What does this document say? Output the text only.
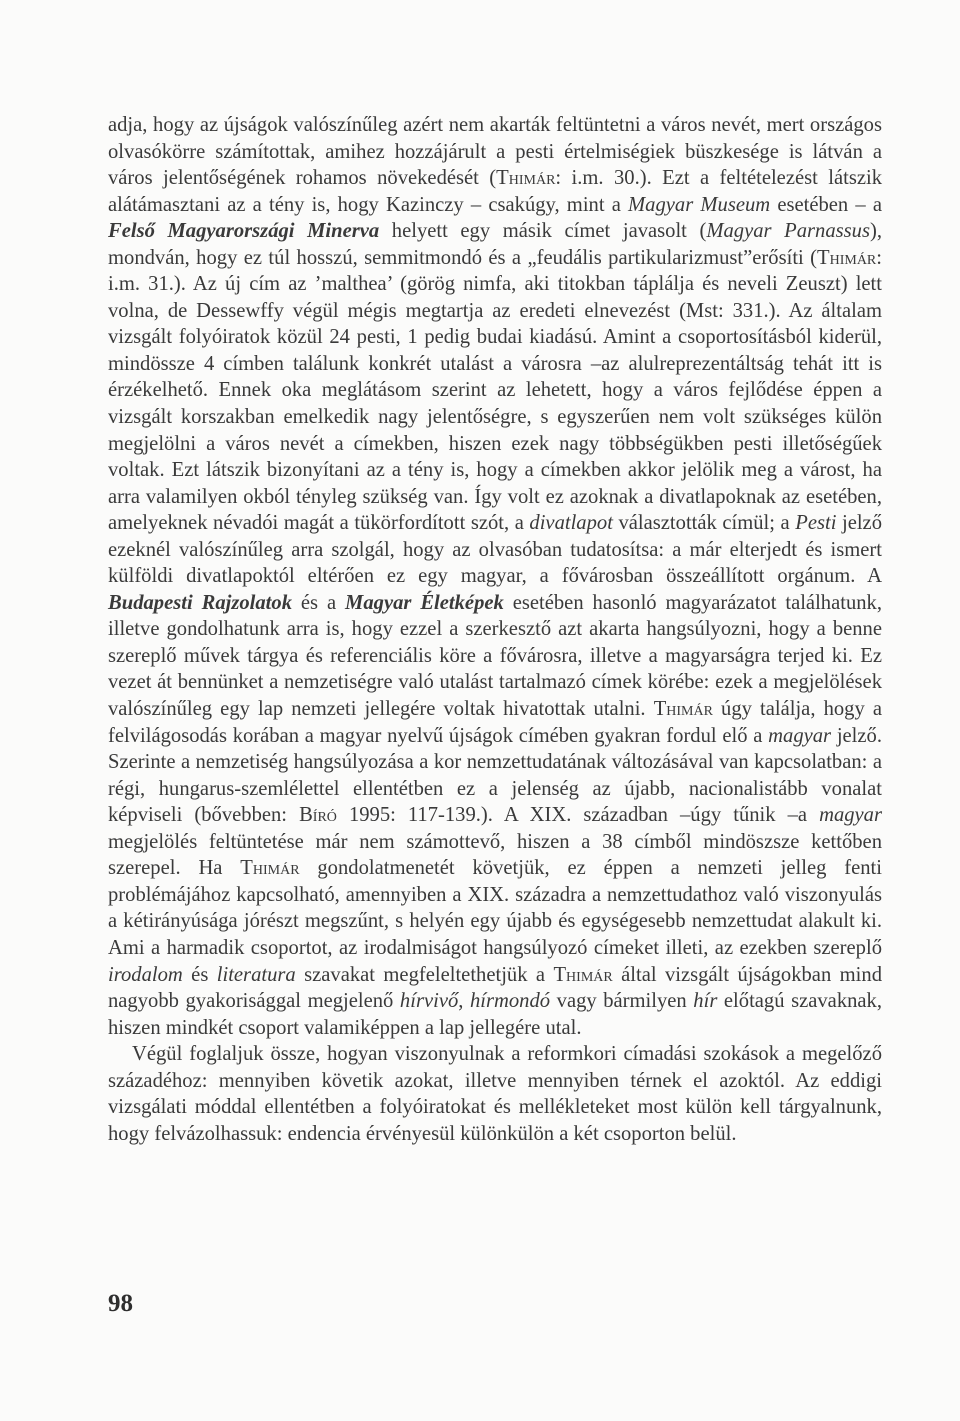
adja, hogy az újságok valószínűleg azért nem akarták feltüntetni a város nevét, mert országos olvasókörre számítottak, amihez hozzájárult a pesti értelmiségiek büszkesége is látván a város jelentőségének rohamos növekedését (Thimár: i.m. 30.). Ezt a feltételezést látszik alátámasztani az a tény is, hogy Kazinczy – csakúgy, mint a Magyar Museum esetében – a Felső Magyarországi Minerva helyett egy másik címet javasolt (Magyar Parnassus), mondván, hogy ez túl hosszú, semmitmondó és a „feudális partikularizmust”erősíti (Thimár: i.m. 31.). Az új cím az ’malthea’ (görög nimfa, aki titokban táplálja és neveli Zeuszt) lett volna, de Dessewffy végül mégis megtartja az eredeti elnevezést (Mst: 331.). Az általam vizsgált folyóiratok közül 24 pesti, 1 pedig budai kiadású. Amint a csoportosításból kiderül, mindössze 4 címben találunk konkrét utalást a városra –az alulreprezentáltság tehát itt is érzékelhető. Ennek oka meglátásom szerint az lehetett, hogy a város fejlődése éppen a vizsgált korszakban emelkedik nagy jelentőségre, s egyszerűen nem volt szükséges külön megjelölni a város nevét a címekben, hiszen ezek nagy többségükben pesti illetőségűek voltak. Ezt látszik bizonyítani az a tény is, hogy a címekben akkor jelölik meg a várost, ha arra valamilyen okból tényleg szükség van. Így volt ez azoknak a divatlapoknak az esetében, amelyeknek névadói magát a tükörfordított szót, a divatlapot választották címül; a Pesti jelző ezeknél valószínűleg arra szolgál, hogy az olvasóban tudatosítsa: a már elterjedt és ismert külföldi divatlapoktól eltérően ez egy magyar, a fővárosban összeállított orgánum. A Budapesti Rajzolatok és a Magyar Életképek esetében hasonló magyarázatot találhatunk, illetve gondolhatunk arra is, hogy ezzel a szerkesztő azt akarta hangsúlyozni, hogy a benne szereplő művek tárgya és referenciális köre a fővárosra, illetve a magyarságra terjed ki. Ez vezet át bennünket a nemzetiségre való utalást tartalmazó címek körébe: ezek a megjelölések valószínűleg egy lap nemzeti jellegére voltak hivatottak utalni. Thimár úgy találja, hogy a felvilágosodás korában a magyar nyelvű újságok címében gyakran fordul elő a magyar jelző. Szerinte a nemzetiség hangsúlyozása a kor nemzettudatának változásával van kapcsolatban: a régi, hungarus-szemlélettel ellentétben ez a jelenség az újabb, nacionalistább vonalat képviseli (bővebben: Bíró 1995: 117-139.). A XIX. században –úgy tűnik –a magyar megjelölés feltüntetése már nem számottevő, hiszen a 38 címből mindöszsze kettőben szerepel. Ha Thimár gondolatmenetét követjük, ez éppen a nemzeti jelleg fenti problémájához kapcsolható, amennyiben a XIX. századra a nemzettudathoz való viszonyulás a kétirányúsága jórészt megszűnt, s helyén egy újabb és egységesebb nemzettudat alakult ki. Ami a harmadik csoportot, az irodalmiságot hangsúlyozó címeket illeti, az ezekben szereplő irodalom és literatura szavakat megfeleltethetjük a Thimár által vizsgált újságokban mind nagyobb gyakorisággal megjelenő hírvivő, hírmondó vagy bármilyen hír előtagú szavaknak, hiszen mindkét csoport valamiképpen a lap jellegére utal.

Végül foglaljuk össze, hogyan viszonyulnak a reformkori címadási szokások a megelőző századéhoz: mennyiben követik azokat, illetve mennyiben térnek el azoktól. Az eddigi vizsgálati móddal ellentétben a folyóiratokat és mellékleteket most külön kell tárgyalnunk, hogy felvázolhassuk: endencia érvényesül különkülön a két csoporton belül.

98
